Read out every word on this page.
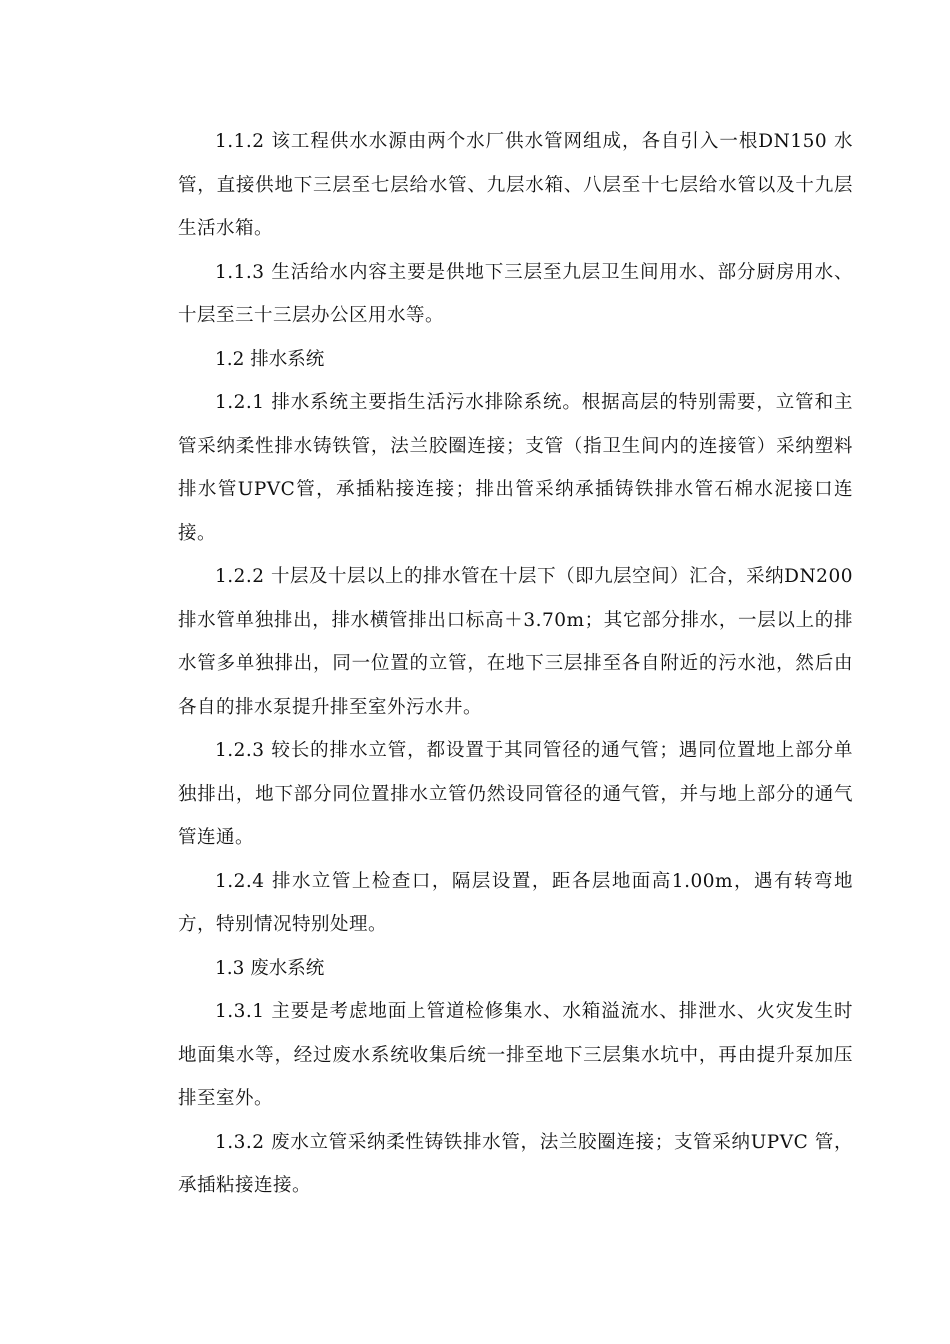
1.1.2 该工程供水水源由两个水厂供水管网组成，各自引入一根DN150 水管，直接供地下三层至七层给水管、九层水箱、八层至十七层给水管以及十九层生活水箱。

1.1.3 生活给水内容主要是供地下三层至九层卫生间用水、部分厨房用水、十层至三十三层办公区用水等。

1.2 排水系统

1.2.1 排水系统主要指生活污水排除系统。根据高层的特别需要，立管和主管采纳柔性排水铸铁管，法兰胶圈连接；支管（指卫生间内的连接管）采纳塑料排水管UPVC管，承插粘接连接；排出管采纳承插铸铁排水管石棉水泥接口连接。

1.2.2 十层及十层以上的排水管在十层下（即九层空间）汇合，采纳DN200排水管单独排出，排水横管排出口标高＋3.70m；其它部分排水，一层以上的排水管多单独排出，同一位置的立管，在地下三层排至各自附近的污水池，然后由各自的排水泵提升排至室外污水井。

1.2.3 较长的排水立管，都设置于其同管径的通气管；遇同位置地上部分单独排出，地下部分同位置排水立管仍然设同管径的通气管，并与地上部分的通气管连通。

1.2.4 排水立管上检查口，隔层设置，距各层地面高1.00m，遇有转弯地方，特别情况特别处理。

1.3 废水系统

1.3.1 主要是考虑地面上管道检修集水、水箱溢流水、排泄水、火灾发生时地面集水等，经过废水系统收集后统一排至地下三层集水坑中，再由提升泵加压排至室外。

1.3.2 废水立管采纳柔性铸铁排水管，法兰胶圈连接；支管采纳UPVC 管，承插粘接连接。
